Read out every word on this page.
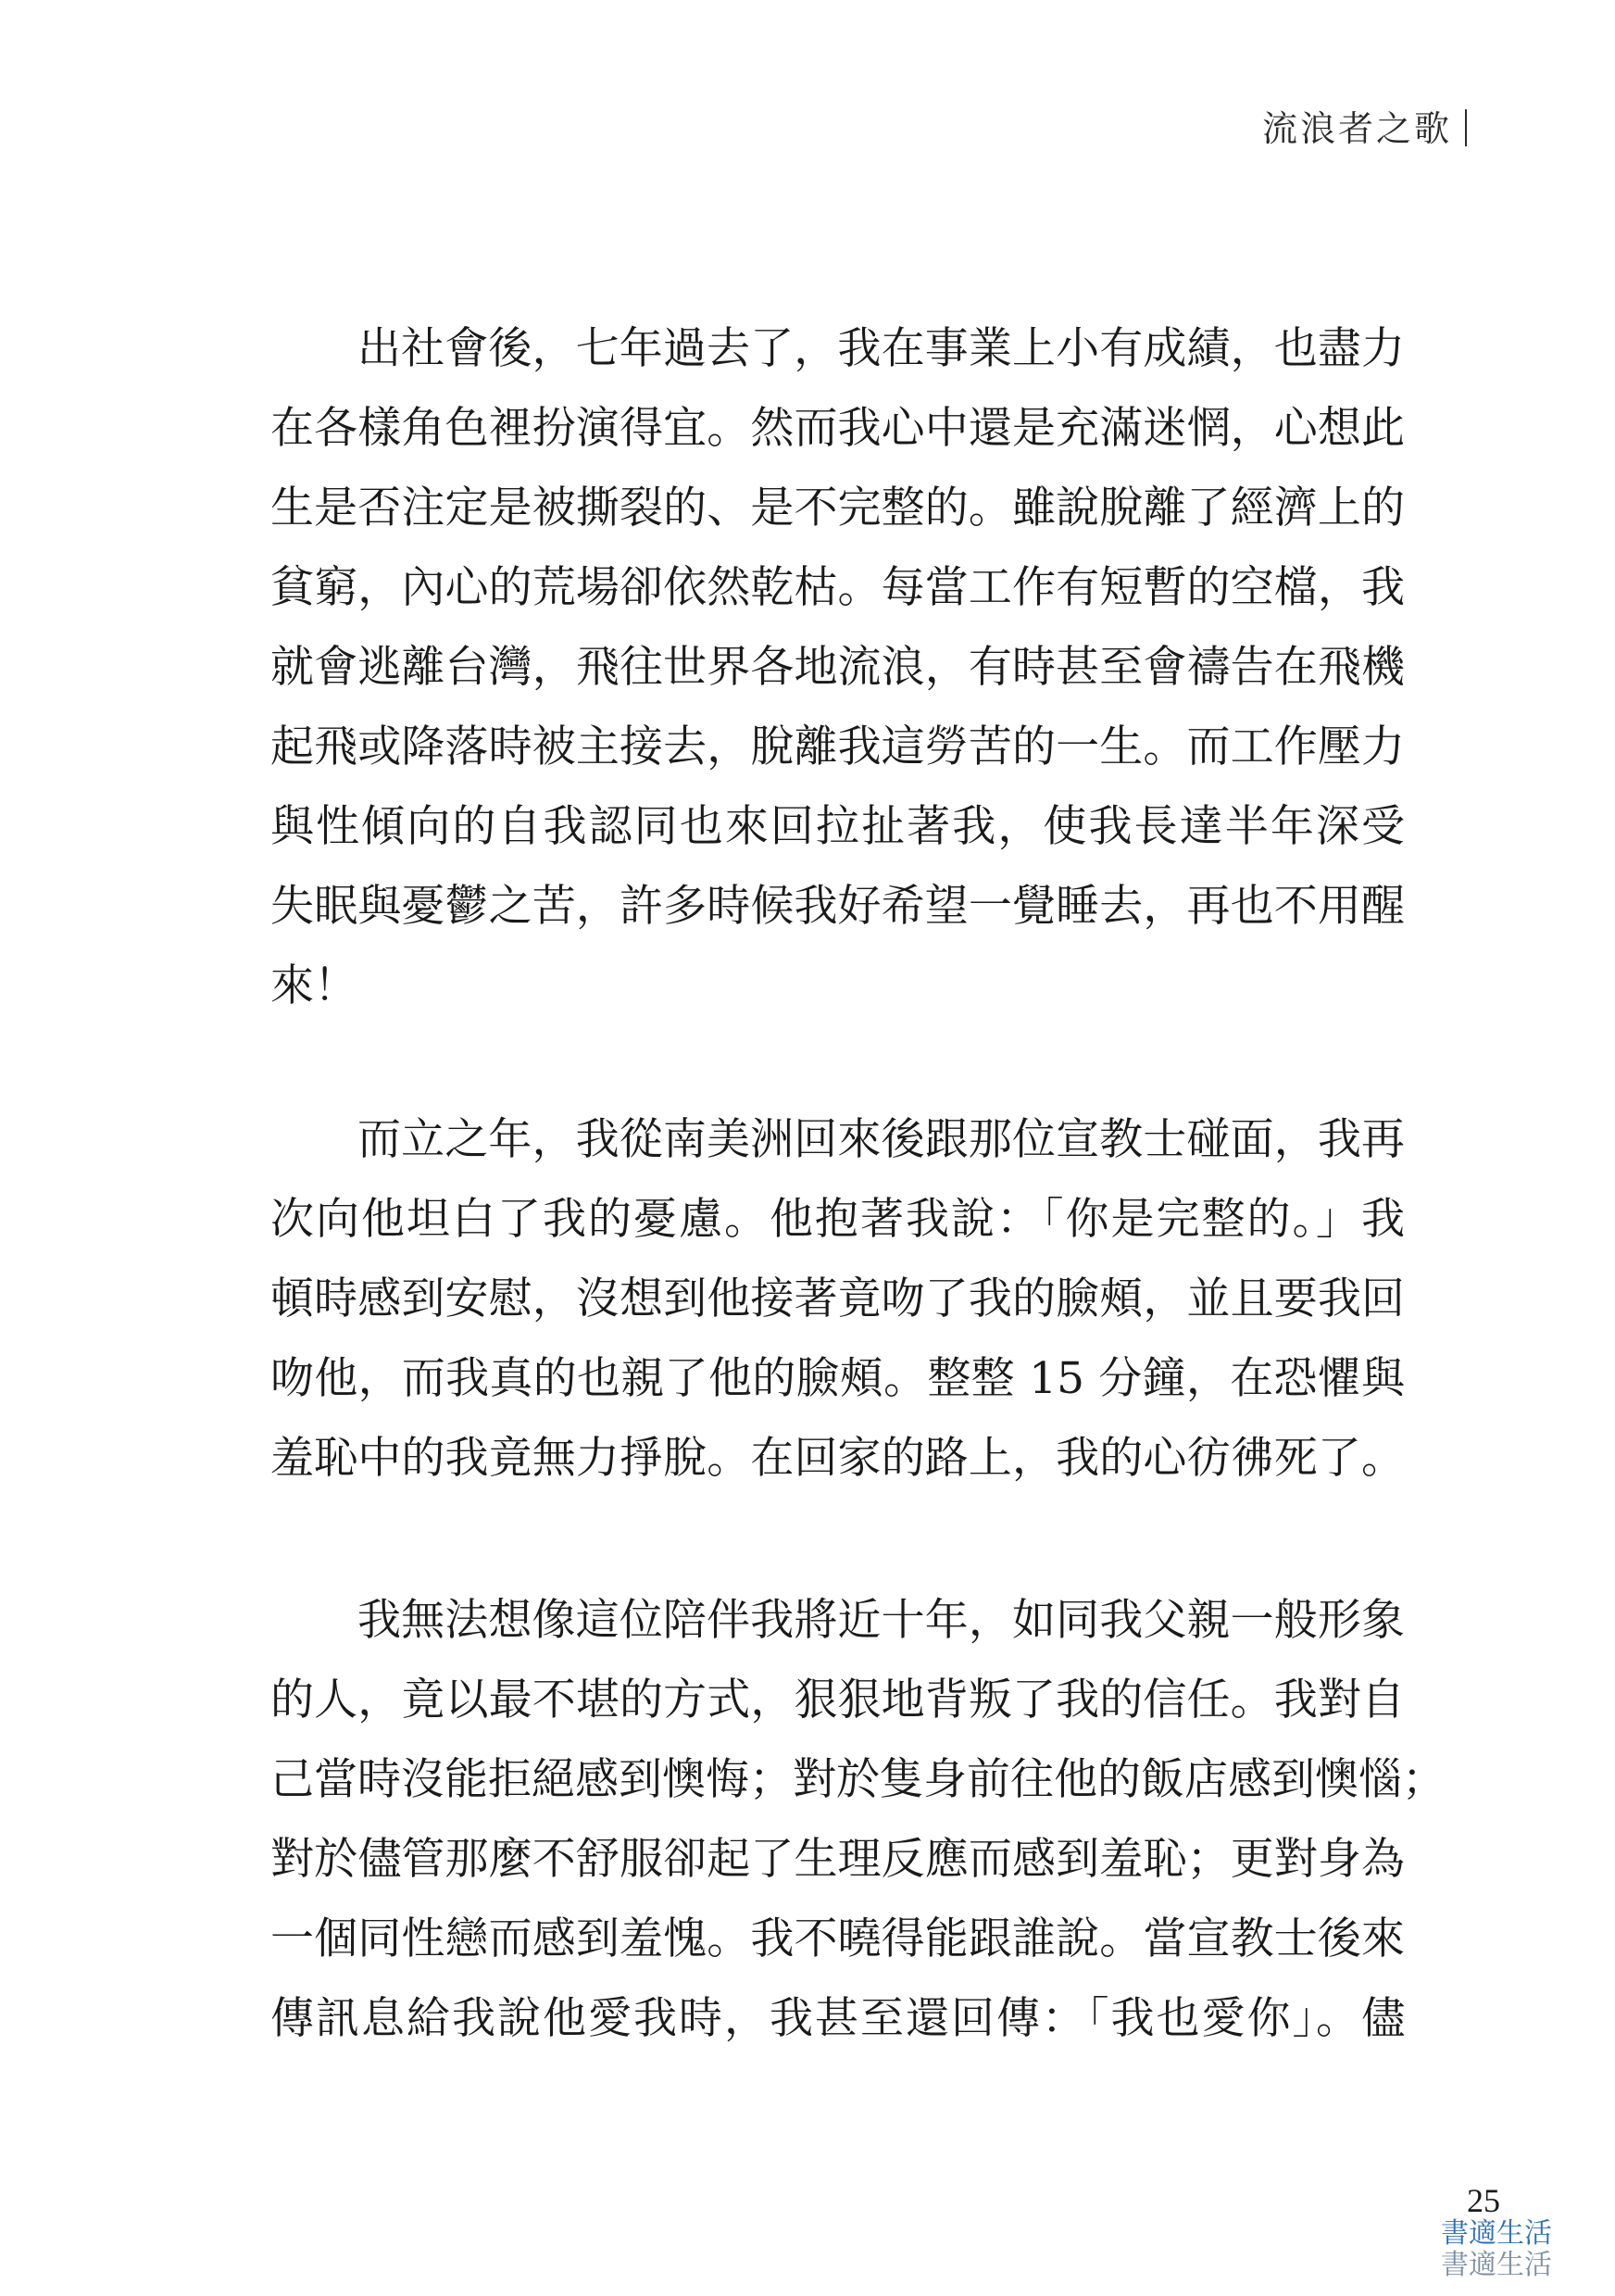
流浪者之歌
出社會後，七年過去了，我在事業上小有成績，也盡力
在各樣角色裡扮演得宜。然而我心中還是充滿迷惘，心想此
生是否注定是被撕裂的、是不完整的。雖說脫離了經濟上的
貧窮，內心的荒場卻依然乾枯。每當工作有短暫的空檔，我
就會逃離台灣，飛往世界各地流浪，有時甚至會禱告在飛機
起飛或降落時被主接去，脫離我這勞苦的一生。而工作壓力
與性傾向的自我認同也來回拉扯著我，使我長達半年深受
失眠與憂鬱之苦，許多時候我好希望一覺睡去，再也不用醒
來！
而立之年，我從南美洲回來後跟那位宣教士碰面，我再
次向他坦白了我的憂慮。他抱著我說：「你是完整的。」我
頓時感到安慰，沒想到他接著竟吻了我的臉頰，並且要我回
吻他，而我真的也親了他的臉頰。整整 15 分鐘，在恐懼與
羞恥中的我竟無力掙脫。在回家的路上，我的心彷彿死了。
我無法想像這位陪伴我將近十年，如同我父親一般形象
的人，竟以最不堪的方式，狠狠地背叛了我的信任。我對自
己當時沒能拒絕感到懊悔；對於隻身前往他的飯店感到懊惱；
對於儘管那麼不舒服卻起了生理反應而感到羞恥；更對身為
一個同性戀而感到羞愧。我不曉得能跟誰說。當宣教士後來
傳訊息給我說他愛我時，我甚至還回傳：「我也愛你」。儘
25
書適生活
書適生活
